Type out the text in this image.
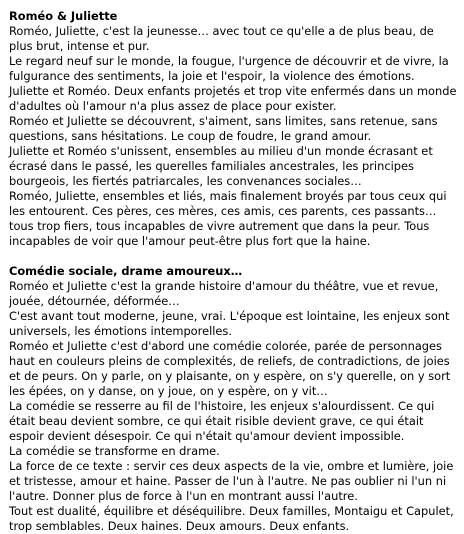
Roméo & Juliette

Roméo, Juliette, c'est la jeunesse… avec tout ce qu'elle a de plus beau, de plus brut, intense et pur.

Le regard neuf sur le monde, la fougue, l'urgence de découvrir et de vivre, la fulgurance des sentiments, la joie et l'espoir, la violence des émotions.

Juliette et Roméo. Deux enfants projetés et trop vite enfermés dans un monde d'adultes où l'amour n'a plus assez de place pour exister.

Roméo et Juliette se découvrent, s'aiment, sans limites, sans retenue, sans questions, sans hésitations. Le coup de foudre, le grand amour.

Juliette et Roméo s'unissent, ensembles au milieu d'un monde écrasant et écrasé dans le passé, les querelles familiales ancestrales, les principes bourgeois, les fiertés patriarcales, les convenances sociales…

Roméo, Juliette, ensembles et liés, mais finalement broyés par tous ceux qui les entourent. Ces pères, ces mères, ces amis, ces parents, ces passants… tous trop fiers, tous incapables de vivre autrement que dans la peur. Tous incapables de voir que l'amour peut-être plus fort que la haine.

Comédie sociale, drame amoureux…

Roméo et Juliette c'est la grande histoire d'amour du théâtre, vue et revue, jouée, détournée, déformée…

C'est avant tout moderne, jeune, vrai. L'époque est lointaine, les enjeux sont universels, les émotions intemporelles.

Roméo et Juliette c'est d'abord une comédie colorée, parée de personnages haut en couleurs pleins de complexités, de reliefs, de contradictions, de joies et de peurs. On y parle, on y plaisante, on y espère, on s'y querelle, on y sort les épées, on y danse, on y joue, on y espère, on y vit…

La comédie se resserre au fil de l'histoire, les enjeux s'alourdissent. Ce qui était beau devient sombre, ce qui était risible devient grave, ce qui était espoir devient désespoir. Ce qui n'était qu'amour devient impossible.

La comédie se transforme en drame.

La force de ce texte : servir ces deux aspects de la vie, ombre et lumière, joie et tristesse, amour et haine. Passer de l'un à l'autre. Ne pas oublier ni l'un ni l'autre. Donner plus de force à l'un en montrant aussi l'autre.

Tout est dualité, équilibre et déséquilibre. Deux familles, Montaigu et Capulet, trop semblables. Deux haines. Deux amours. Deux enfants.
